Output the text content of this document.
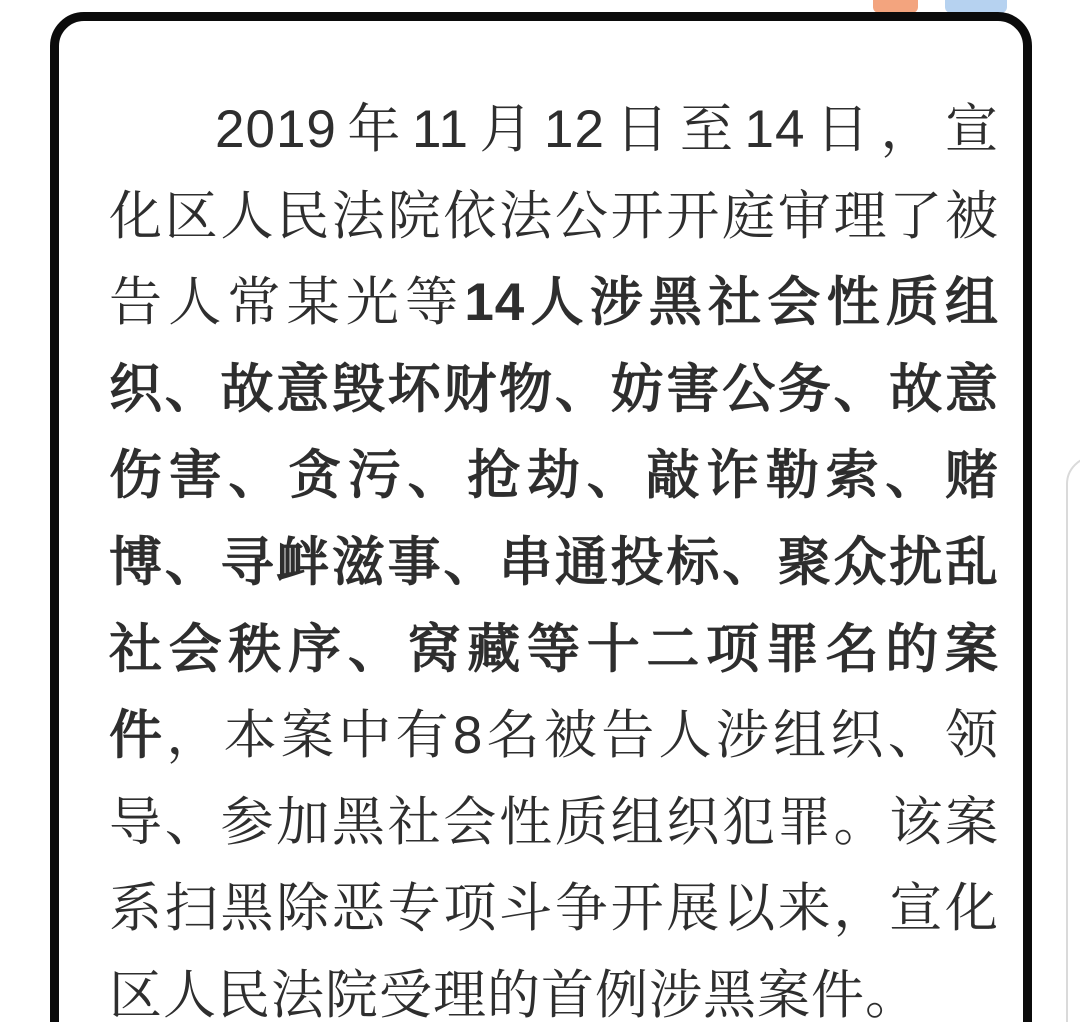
2019年11月12日至14日，宣
化区人民法院依法公开开庭审理了被
告人常某光等14人涉黑社会性质组
织、故意毁坏财物、妨害公务、故意
伤害、贪污、抢劫、敲诈勒索、赌
博、寻衅滋事、串通投标、聚众扰乱
社会秩序、窝藏等十二项罪名的案
件，本案中有8名被告人涉组织、领
导、参加黑社会性质组织犯罪。该案
系扫黑除恶专项斗争开展以来，宣化
区人民法院受理的首例涉黑案件。
